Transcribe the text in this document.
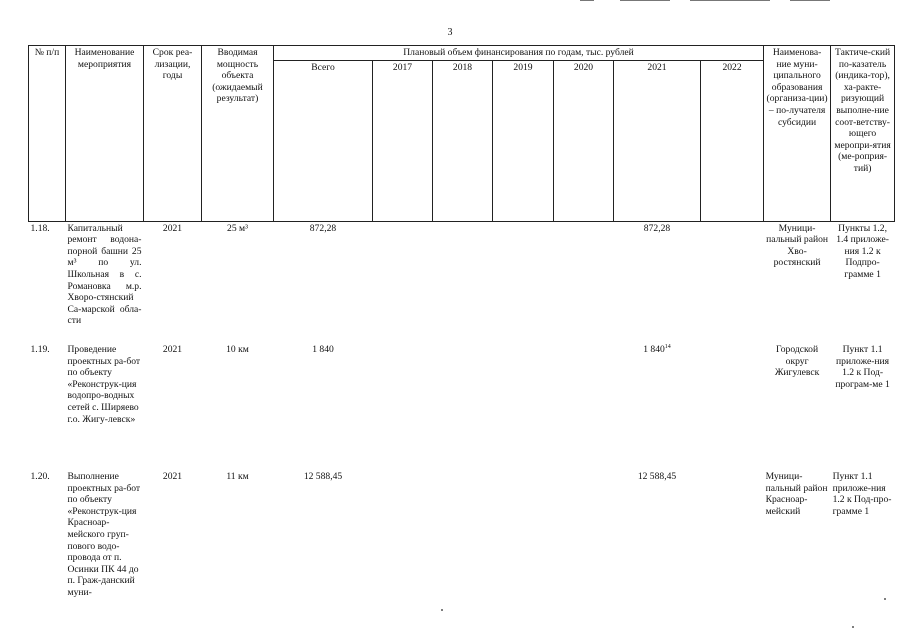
3
№ п/п	Наименование мероприятия	Срок реа-лизации, годы	Вводимая мощность объекта (ожидаемый результат)	Плановый объем финансирования по годам, тыс. рублей							Наименова-ние муни-ципального образования (организа-ции) – по-лучателя субсидии	Тактиче-ский по-казатель (индика-тор), ха-ракте-ризующий выполне-ние соот-ветству-ющего меропри-ятия (ме-роприя-тий)
				Всего	2017	2018	2019	2020	2021	2022		
1.18.	Капитальный ремонт водона-порной башни 25 м³ по ул. Школьная в с. Романовка м.р. Хворо-стянский Са-марской обла-сти	2021	25 м³	872,28					872,28		Муници-пальный район Хво-ростянский	Пункты 1.2, 1.4 приложе-ния 1.2 к Подпро-грамме 1
1.19.	Проведение проектных ра-бот по объекту «Реконструк-ция водопро-водных сетей с. Ширяево г.о. Жигу-левск»	2021	10 км	1 840					1 $840^{14}$		Городской округ Жигулевск	Пункт 1.1 приложе-ния 1.2 к Под-програм-ме 1
1.20.	Выполнение проектных ра-бот по объекту «Реконструк-ция Красноар-мейского груп-пового водо-провода от п. Осинки ПК 44 до п. Граж-данский муни-	2021	11 км	12 588,45					12 588,45		Муници-пальный район Красноар-мейский	Пункт 1.1 приложе-ния 1.2 к Под-про-грамме 1
